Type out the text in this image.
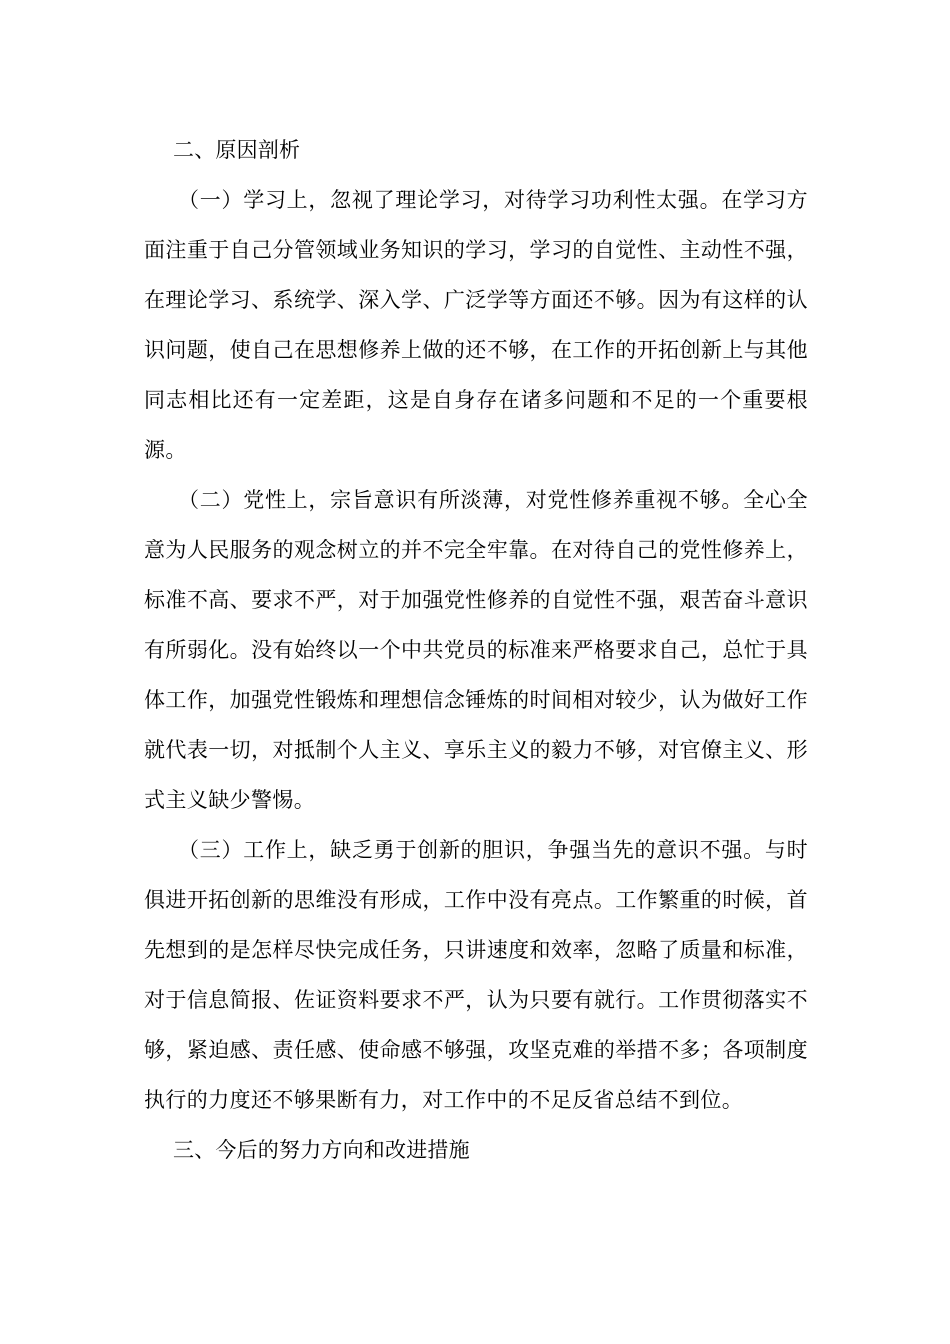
二、原因剖析

（一）学习上，忽视了理论学习，对待学习功利性太强。在学习方面注重于自己分管领域业务知识的学习，学习的自觉性、主动性不强，在理论学习、系统学、深入学、广泛学等方面还不够。因为有这样的认识问题，使自己在思想修养上做的还不够，在工作的开拓创新上与其他同志相比还有一定差距，这是自身存在诸多问题和不足的一个重要根源。

（二）党性上，宗旨意识有所淡薄，对党性修养重视不够。全心全意为人民服务的观念树立的并不完全牢靠。在对待自己的党性修养上，标准不高、要求不严，对于加强党性修养的自觉性不强，艰苦奋斗意识有所弱化。没有始终以一个中共党员的标准来严格要求自己，总忙于具体工作，加强党性锻炼和理想信念锤炼的时间相对较少，认为做好工作就代表一切，对抵制个人主义、享乐主义的毅力不够，对官僚主义、形式主义缺少警惕。

（三）工作上，缺乏勇于创新的胆识，争强当先的意识不强。与时俱进开拓创新的思维没有形成，工作中没有亮点。工作繁重的时候，首先想到的是怎样尽快完成任务，只讲速度和效率，忽略了质量和标准，对于信息简报、佐证资料要求不严，认为只要有就行。工作贯彻落实不够，紧迫感、责任感、使命感不够强，攻坚克难的举措不多；各项制度执行的力度还不够果断有力，对工作中的不足反省总结不到位。

三、今后的努力方向和改进措施
